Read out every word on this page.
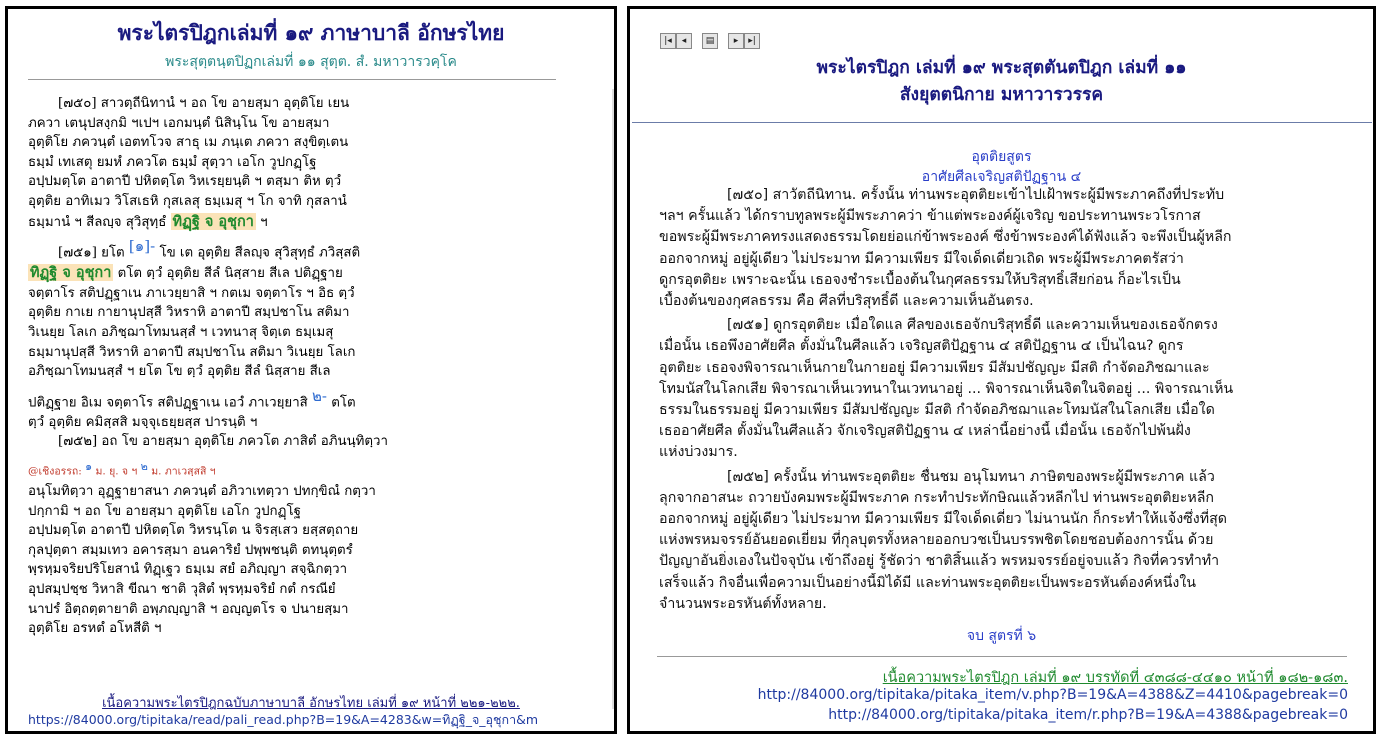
พระไตรปิฎกเล่มที่ ๑๙ ภาษาบาลี อักษรไทย
พระสุตฺตนฺตปิฏกเล่มที่ ๑๑ สุตฺต. สํ. มหาวารวคฺโค
[๗๕๐] สาวตฺถีนิทานํ ฯ อถ โข อายสฺมา อุตฺติโย เยน
ภควา เตนุปสงฺกมิ ฯเปฯ เอกมนฺตํ นิสินฺโน โข อายสฺมา
อุตฺติโย ภควนฺตํ เอตทโวจ สาธุ เม ภนฺเต ภควา สงฺขิตฺเตน
ธมฺมํ เทเสตุ ยมหํ ภควโต ธมฺมํ สุตฺวา เอโก วูปกฏฺโฐ
อปฺปมตฺโต อาตาปี ปหิตตฺโต วิหเรยฺยนฺติ ฯ ตสฺมา ติห ตฺวํ
อุตฺติย อาทิเมว วิโสเธหิ กุสเลสุ ธมฺเมสุ ฯ โก จาทิ กุสลานํ
ธมฺมานํ ฯ สีลญฺจ สุวิสุทฺธํ ทิฏฺฐิ จ อุชุกา ฯ
[๗๕๑] ยโต [๑]- โข เต อุตฺติย สีลญฺจ สุวิสุทฺธํ ภวิสฺสติ
ทิฏฺฐิ จ อุชุกา ตโต ตฺวํ อุตฺติย สีลํ นิสฺสาย สีเล ปติฏฺฐาย
จตฺตาโร สติปฏฺฐาเน ภาเวยฺยาสิ ฯ กตเม จตฺตาโร ฯ อิธ ตฺวํ
อุตฺติย กาเย กายานุปสฺสี วิหราหิ อาตาปี สมฺปชาโน สติมา
วิเนยฺย โลเก อภิชฺฌาโทมนสฺสํ ฯ เวทนาสุ จิตฺเต ธมฺเมสุ
ธมฺมานุปสฺสี วิหราหิ อาตาปี สมฺปชาโน สติมา วิเนยฺย โลเก
อภิชฺฌาโทมนสฺสํ ฯ ยโต โข ตฺวํ อุตฺติย สีลํ นิสฺสาย สีเล
ปติฏฺฐาย อิเม จตฺตาโร สติปฏฺฐาเน เอวํ ภาเวยฺยาสิ ๒- ตโต
ตฺวํ อุตฺติย คมิสฺสสิ มจฺจุเธยฺยสฺส ปารนฺติ ฯ
[๗๕๒] อถ โข อายสฺมา อุตฺติโย ภควโต ภาสิตํ อภินนฺทิตฺวา
@เชิงอรรถ: ๑ ม. ยุ. จ ฯ ๒ ม. ภาเวสฺสสิ ฯ
อนุโมทิตฺวา อุฏฺฐายาสนา ภควนฺตํ อภิวาเทตฺวา ปทกฺขิณํ กตฺวา
ปกฺกามิ ฯ อถ โข อายสฺมา อุตฺติโย เอโก วูปกฏฺโฐ
อปฺปมตฺโต อาตาปี ปหิตตฺโต วิหรนฺโต น จิรสฺเสว ยสฺสตฺถาย
กุลปุตฺตา สมฺมเทว อคารสฺมา อนคาริยํ ปพฺพชนฺติ ตทนุตฺตรํ
พฺรหฺมจริยปริโยสานํ ทิฏฺเฐว ธมฺเม สยํ อภิญฺญา สจฺฉิกตฺวา
อุปสมฺปชฺช วิหาสิ ขีณา ชาติ วุสิตํ พฺรหฺมจริยํ กตํ กรณียํ
นาปรํ อิตฺถตฺตายาติ อพฺภญฺญาสิ ฯ อญฺญตโร จ ปนายสฺมา
อุตฺติโย อรหตํ อโหสีติ ฯ
เนื้อความพระไตรปิฎกฉบับภาษาบาลี อักษรไทย เล่มที่ ๑๙ หน้าที่ ๒๒๑-๒๒๒.
https://84000.org/tipitaka/read/pali_read.php?B=19&A=4283&w=ทิฏฺฐิ_จ_อุชุกา&m
|◂	◂	▤	▸	▸|
พระไตรปิฎก เล่มที่ ๑๙ พระสุตตันตปิฎก เล่มที่ ๑๑
สังยุตตนิกาย มหาวารวรรค
อุตติยสูตร
อาศัยศีลเจริญสติปัฏฐาน ๔
[๗๕๐] สาวัตถีนิทาน. ครั้งนั้น ท่านพระอุตติยะเข้าไปเฝ้าพระผู้มีพระภาคถึงที่ประทับ
ฯลฯ ครั้นแล้ว ได้กราบทูลพระผู้มีพระภาคว่า ข้าแต่พระองค์ผู้เจริญ ขอประทานพระวโรกาส
ขอพระผู้มีพระภาคทรงแสดงธรรมโดยย่อแก่ข้าพระองค์ ซึ่งข้าพระองค์ได้ฟังแล้ว จะพึงเป็นผู้หลีก
ออกจากหมู่ อยู่ผู้เดียว ไม่ประมาท มีความเพียร มีใจเด็ดเดี่ยวเถิด พระผู้มีพระภาคตรัสว่า
ดูกรอุตติยะ เพราะฉะนั้น เธอจงชำระเบื้องต้นในกุศลธรรมให้บริสุทธิ์เสียก่อน ก็อะไรเป็น
เบื้องต้นของกุศลธรรม คือ ศีลที่บริสุทธิ์ดี และความเห็นอันตรง.
[๗๕๑] ดูกรอุตติยะ เมื่อใดแล ศีลของเธอจักบริสุทธิ์ดี และความเห็นของเธอจักตรง
เมื่อนั้น เธอพึงอาศัยศีล ตั้งมั่นในศีลแล้ว เจริญสติปัฏฐาน ๔ สติปัฏฐาน ๔ เป็นไฉน? ดูกร
อุตติยะ เธอจงพิจารณาเห็นกายในกายอยู่ มีความเพียร มีสัมปชัญญะ มีสติ กำจัดอภิชฌาและ
โทมนัสในโลกเสีย พิจารณาเห็นเวทนาในเวทนาอยู่ ... พิจารณาเห็นจิตในจิตอยู่ ... พิจารณาเห็น
ธรรมในธรรมอยู่ มีความเพียร มีสัมปชัญญะ มีสติ กำจัดอภิชฌาและโทมนัสในโลกเสีย เมื่อใด
เธออาศัยศีล ตั้งมั่นในศีลแล้ว จักเจริญสติปัฏฐาน ๔ เหล่านี้อย่างนี้ เมื่อนั้น เธอจักไปพ้นฝั่ง
แห่งบ่วงมาร.
[๗๕๒] ครั้งนั้น ท่านพระอุตติยะ ชื่นชม อนุโมทนา ภาษิตของพระผู้มีพระภาค แล้ว
ลุกจากอาสนะ ถวายบังคมพระผู้มีพระภาค กระทำประทักษิณแล้วหลีกไป ท่านพระอุตติยะหลีก
ออกจากหมู่ อยู่ผู้เดียว ไม่ประมาท มีความเพียร มีใจเด็ดเดี่ยว ไม่นานนัก ก็กระทำให้แจ้งซึ่งที่สุด
แห่งพรหมจรรย์อันยอดเยี่ยม ที่กุลบุตรทั้งหลายออกบวชเป็นบรรพชิตโดยชอบต้องการนั้น ด้วย
ปัญญาอันยิ่งเองในปัจจุบัน เข้าถึงอยู่ รู้ชัดว่า ชาติสิ้นแล้ว พรหมจรรย์อยู่จบแล้ว กิจที่ควรทำทำ
เสร็จแล้ว กิจอื่นเพื่อความเป็นอย่างนี้มิได้มี และท่านพระอุตติยะเป็นพระอรหันต์องค์หนึ่งใน
จำนวนพระอรหันต์ทั้งหลาย.
จบ สูตรที่ ๖
เนื้อความพระไตรปิฎก เล่มที่ ๑๙ บรรทัดที่ ๔๓๘๘-๔๔๑๐ หน้าที่ ๑๘๒-๑๘๓.
http://84000.org/tipitaka/pitaka_item/v.php?B=19&A=4388&Z=4410&pagebreak=0
http://84000.org/tipitaka/pitaka_item/r.php?B=19&A=4388&pagebreak=0
